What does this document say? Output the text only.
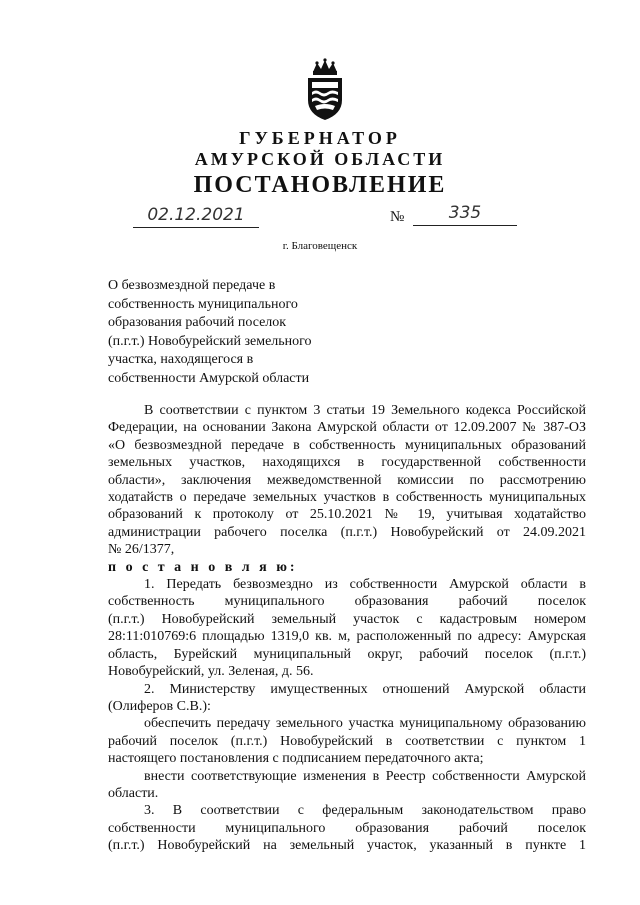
ГУБЕРНАТОР
АМУРСКОЙ ОБЛАСТИ
ПОСТАНОВЛЕНИЕ
02.12.2021	№	335
г. Благовещенск
О безвозмездной передаче в
собственность муниципального
образования рабочий поселок
(п.г.т.) Новобурейский земельного
участка, находящегося в
собственности Амурской области
В соответствии с пунктом 3 статьи 19 Земельного кодекса Российской
Федерации, на основании Закона Амурской области от 12.09.2007 № 387-ОЗ
«О безвозмездной передаче в собственность муниципальных образований
земельных участков, находящихся в государственной собственности
области», заключения межведомственной комиссии по рассмотрению
ходатайств о передаче земельных участков в собственность муниципальных
образований к протоколу от 25.10.2021 № 19, учитывая ходатайство
администрации рабочего поселка (п.г.т.) Новобурейский от 24.09.2021
№ 26/1377,
п о с т а н о в л я ю:
1. Передать безвозмездно из собственности Амурской области в
собственность муниципального образования рабочий поселок
(п.г.т.) Новобурейский земельный участок с кадастровым номером
28:11:010769:6 площадью 1319,0 кв. м, расположенный по адресу: Амурская
область, Бурейский муниципальный округ, рабочий поселок (п.г.т.)
Новобурейский, ул. Зеленая, д. 56.
2. Министерству имущественных отношений Амурской области
(Олиферов С.В.):
обеспечить передачу земельного участка муниципальному образованию
рабочий поселок (п.г.т.) Новобурейский в соответствии с пунктом 1
настоящего постановления с подписанием передаточного акта;
внести соответствующие изменения в Реестр собственности Амурской
области.
3. В соответствии с федеральным законодательством право
собственности муниципального образования рабочий поселок
(п.г.т.) Новобурейский на земельный участок, указанный в пункте 1
